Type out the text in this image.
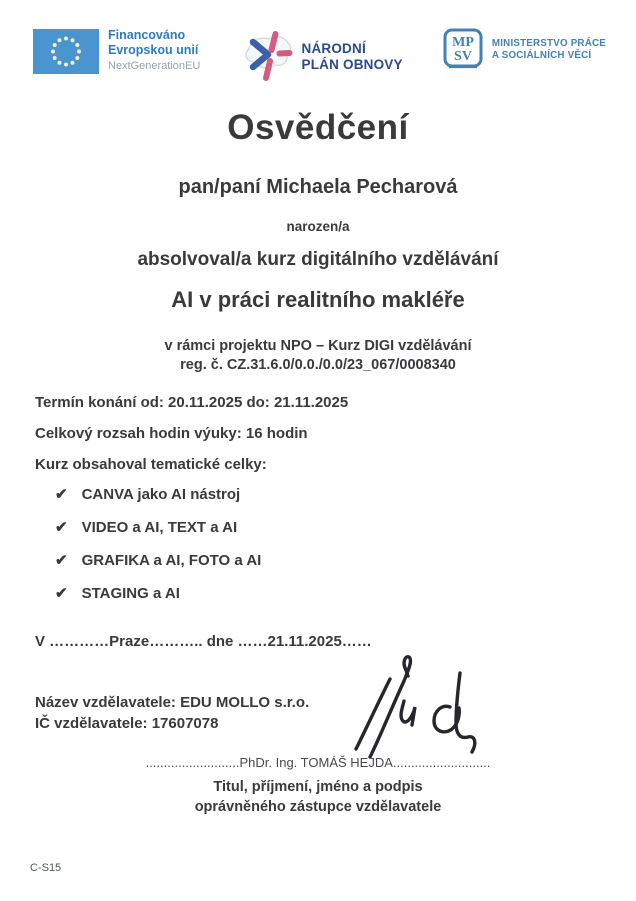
Financováno
Evropskou unií
NextGenerationEU
NÁRODNÍ
PLÁN OBNOVY
MP
SV
MINISTERSTVO PRÁCE
A SOCIÁLNÍCH VĚCÍ
Osvědčení
pan/paní Michaela Pecharová
narozen/a
absolvoval/a kurz digitálního vzdělávání
AI v práci realitního makléře
v rámci projektu NPO – Kurz DIGI vzdělávání
reg. č. CZ.31.6.0/0.0./0.0/23_067/0008340
Termín konání od: 20.11.2025 do: 21.11.2025
Celkový rozsah hodin výuky: 16 hodin
Kurz obsahoval tematické celky:
✔ CANVA jako AI nástroj
✔ VIDEO a AI, TEXT a AI
✔ GRAFIKA a AI, FOTO a AI
✔ STAGING a AI
V …………Praze……….. dne ……21.11.2025……
Název vzdělavatele: EDU MOLLO s.r.o.
IČ vzdělavatele: 17607078
..........................PhDr. Ing. TOMÁŠ HEJDA...........................
Titul, příjmení, jméno a podpis
oprávněného zástupce vzdělavatele
C-S15
